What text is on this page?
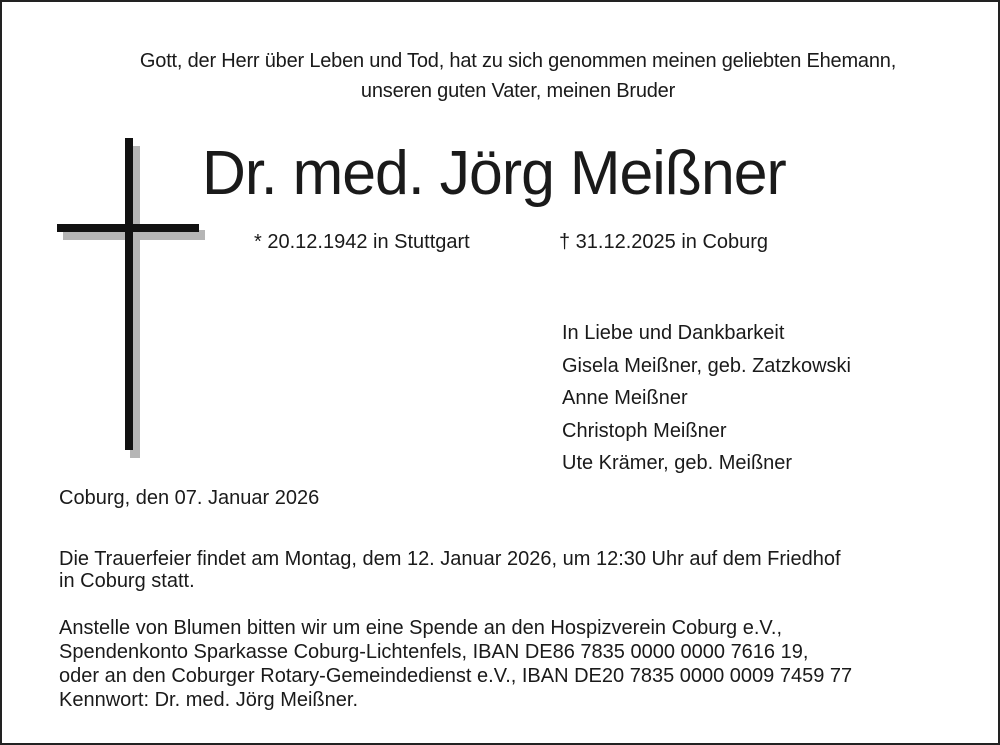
Gott, der Herr über Leben und Tod, hat zu sich genommen meinen geliebten Ehemann,
unseren guten Vater, meinen Bruder
Dr. med. Jörg Meißner
* 20.12.1942 in Stuttgart	† 31.12.2025 in Coburg
In Liebe und Dankbarkeit
Gisela Meißner, geb. Zatzkowski
Anne Meißner
Christoph Meißner
Ute Krämer, geb. Meißner
Coburg, den 07. Januar 2026
Die Trauerfeier findet am Montag, dem 12. Januar 2026, um 12:30 Uhr auf dem Friedhof
in Coburg statt.
Anstelle von Blumen bitten wir um eine Spende an den Hospizverein Coburg e.V.,
Spendenkonto Sparkasse Coburg-Lichtenfels, IBAN DE86 7835 0000 0000 7616 19,
oder an den Coburger Rotary-Gemeindedienst e.V., IBAN DE20 7835 0000 0009 7459 77
Kennwort: Dr. med. Jörg Meißner.
